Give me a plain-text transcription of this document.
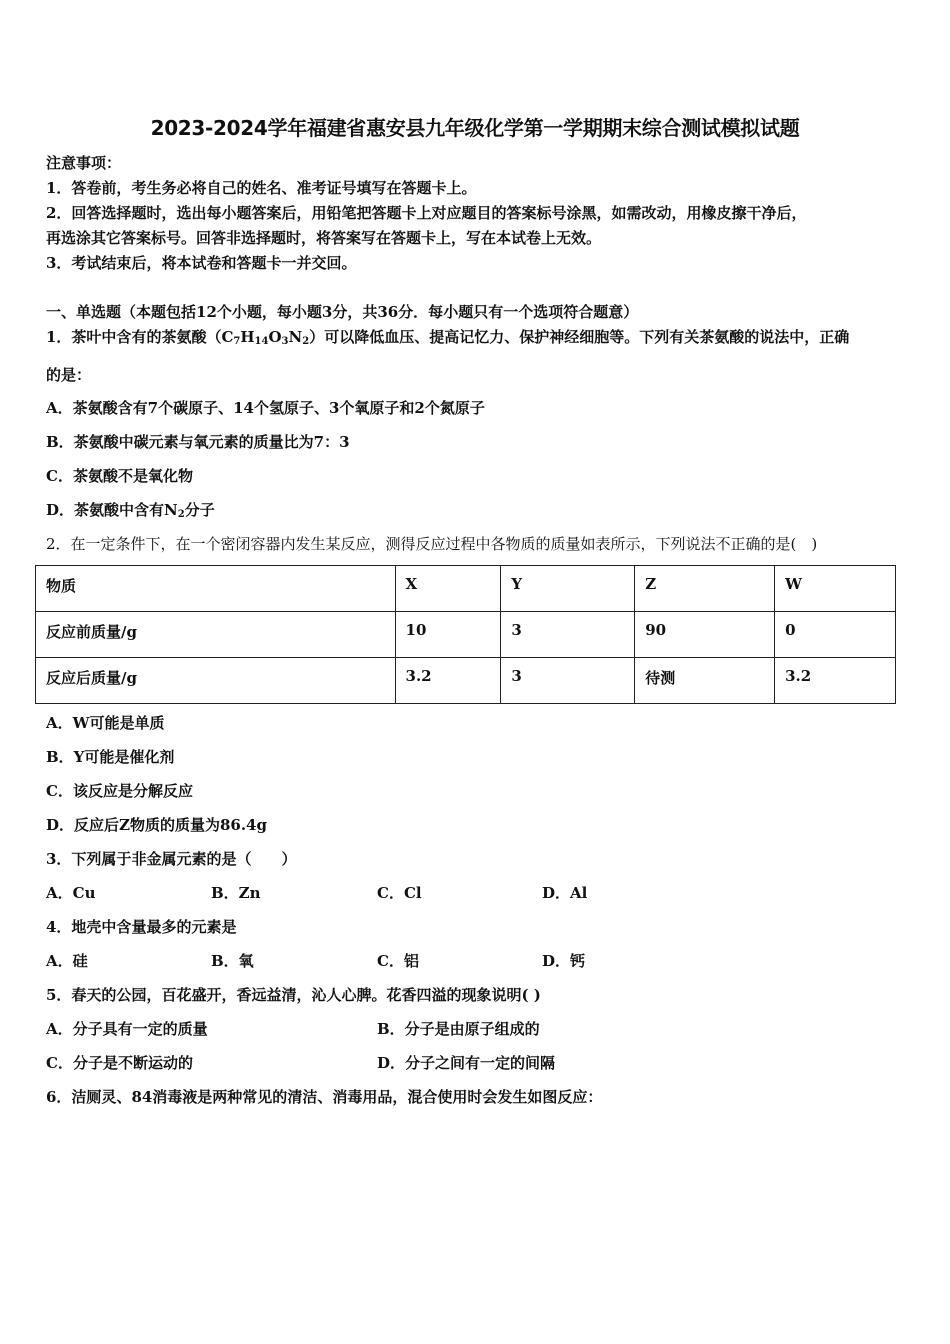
2023-2024学年福建省惠安县九年级化学第一学期期末综合测试模拟试题
注意事项：
1．答卷前，考生务必将自己的姓名、准考证号填写在答题卡上。
2．回答选择题时，选出每小题答案后，用铅笔把答题卡上对应题目的答案标号涂黑，如需改动，用橡皮擦干净后，
再选涂其它答案标号。回答非选择题时，将答案写在答题卡上，写在本试卷上无效。
3．考试结束后，将本试卷和答题卡一并交回。
一、单选题（本题包括12个小题，每小题3分，共36分．每小题只有一个选项符合题意）
1．茶叶中含有的茶氨酸$(C_7H_{14}O_3N_2)$可以降低血压、提高记忆力、保护神经细胞等。下列有关茶氨酸的说法中，正确
的是：
A．茶氨酸含有7个碳原子、14个氢原子、3个氧原子和2个氮原子
B．茶氨酸中碳元素与氧元素的质量比为7：3
C．茶氨酸不是氧化物
D．茶氨酸中含有$N_2$分子
2．在一定条件下，在一个密闭容器内发生某反应，测得反应过程中各物质的质量如表所示，下列说法不正确的是(　)
物质	X	Y	Z	W
反应前质量/g	10	3	90	0
反应后质量/g	3.2	3	待测	3.2
A．W可能是单质
B．Y可能是催化剂
C．该反应是分解反应
D．反应后Z物质的质量为86.4g
3．下列属于非金属元素的是（　　）
A．Cu	B．Zn	C．Cl	D．Al
4．地壳中含量最多的元素是
A．硅	B．氧	C．铝	D．钙
5．春天的公园，百花盛开，香远益清，沁人心脾。花香四溢的现象说明( )
A．分子具有一定的质量	B．分子是由原子组成的
C．分子是不断运动的	D．分子之间有一定的间隔
6．洁厕灵、84消毒液是两种常见的清洁、消毒用品，混合使用时会发生如图反应：
